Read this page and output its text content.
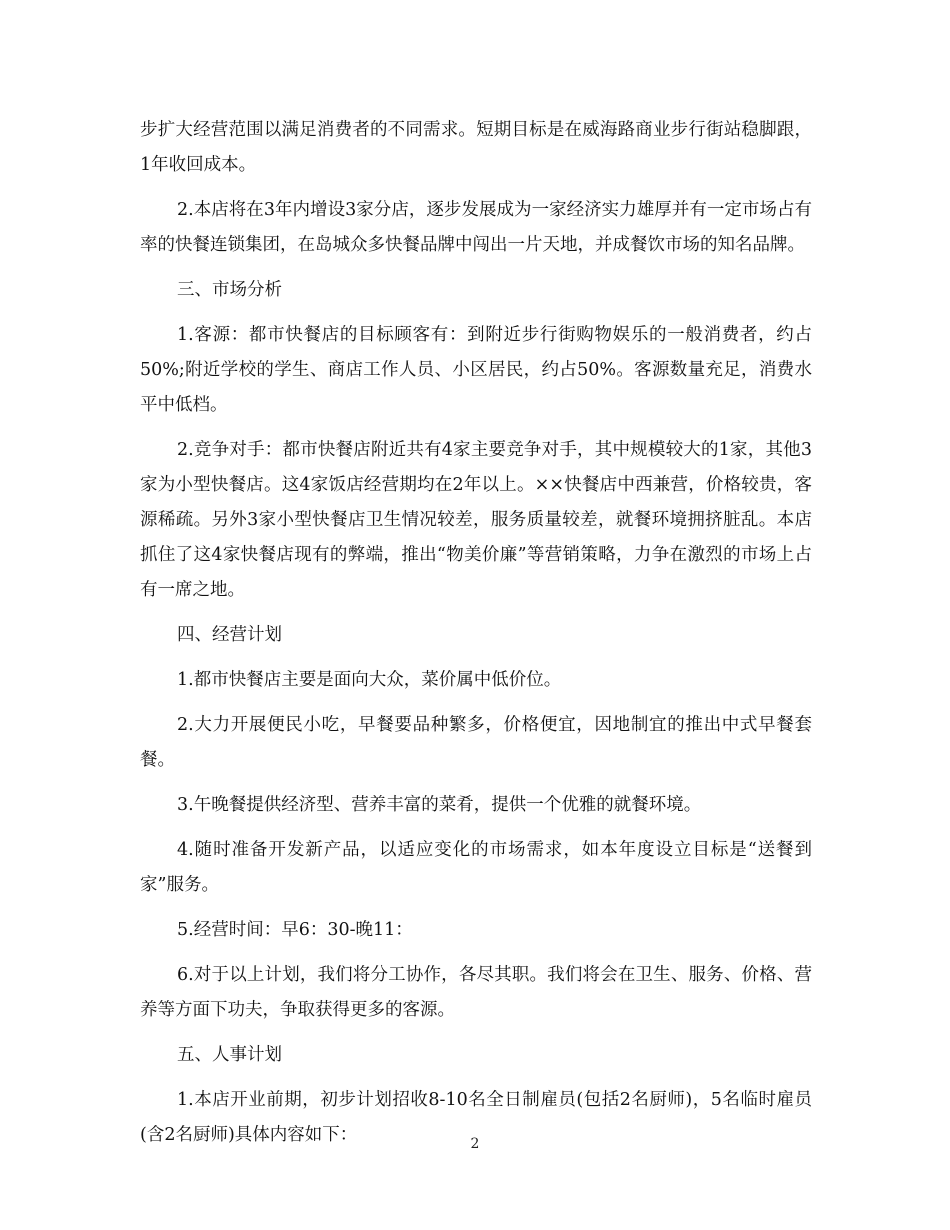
步扩大经营范围以满足消费者的不同需求。短期目标是在威海路商业步行街站稳脚跟，1年收回成本。

2.本店将在3年内增设3家分店，逐步发展成为一家经济实力雄厚并有一定市场占有率的快餐连锁集团，在岛城众多快餐品牌中闯出一片天地，并成餐饮市场的知名品牌。

三、市场分析

1.客源：都市快餐店的目标顾客有：到附近步行街购物娱乐的一般消费者，约占50%;附近学校的学生、商店工作人员、小区居民，约占50%。客源数量充足，消费水平中低档。

2.竞争对手：都市快餐店附近共有4家主要竞争对手，其中规模较大的1家，其他3家为小型快餐店。这4家饭店经营期均在2年以上。××快餐店中西兼营，价格较贵，客源稀疏。另外3家小型快餐店卫生情况较差，服务质量较差，就餐环境拥挤脏乱。本店抓住了这4家快餐店现有的弊端，推出“物美价廉”等营销策略，力争在激烈的市场上占有一席之地。

四、经营计划

1.都市快餐店主要是面向大众，菜价属中低价位。

2.大力开展便民小吃，早餐要品种繁多，价格便宜，因地制宜的推出中式早餐套餐。

3.午晚餐提供经济型、营养丰富的菜肴，提供一个优雅的就餐环境。

4.随时准备开发新产品，以适应变化的市场需求，如本年度设立目标是“送餐到家”服务。

5.经营时间：早6：30-晚11：

6.对于以上计划，我们将分工协作，各尽其职。我们将会在卫生、服务、价格、营养等方面下功夫，争取获得更多的客源。

五、人事计划

1.本店开业前期，初步计划招收8-10名全日制雇员(包括2名厨师)，5名临时雇员(含2名厨师)具体内容如下：	2
